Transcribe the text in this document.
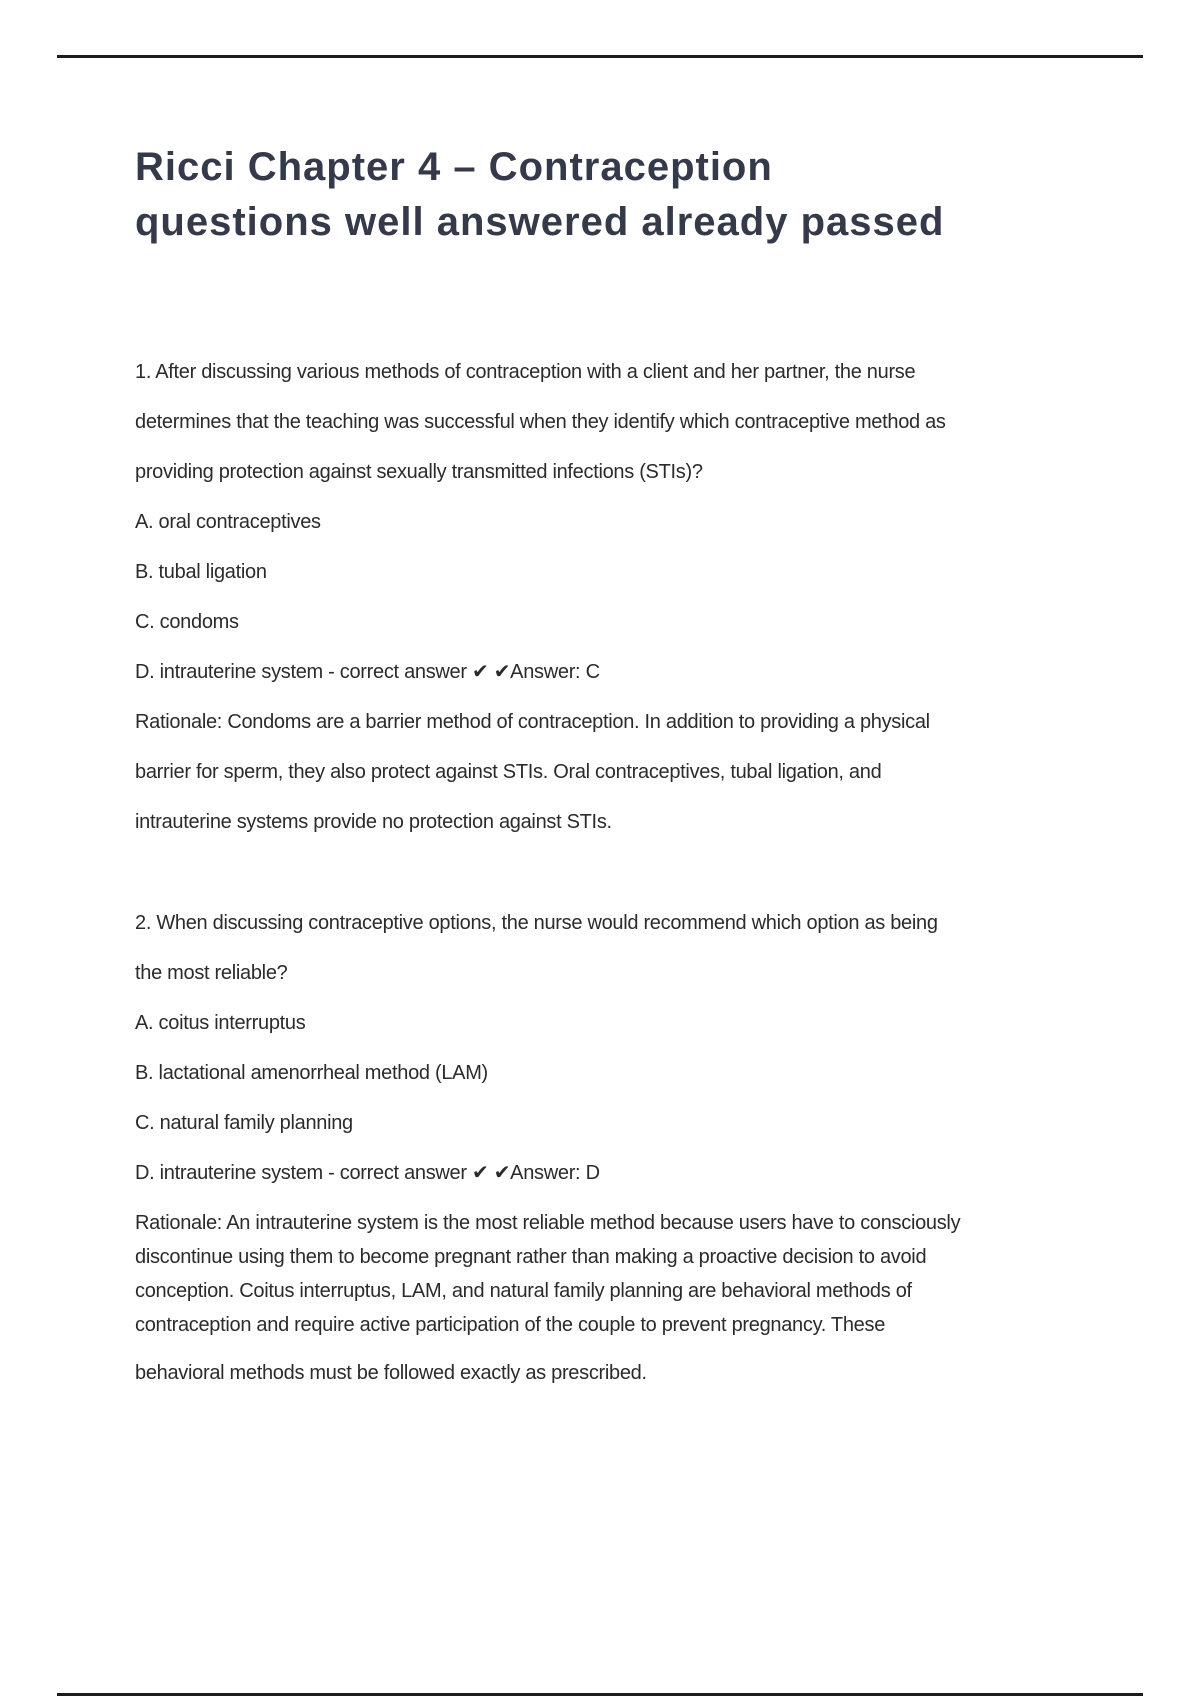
Ricci Chapter 4 – Contraception
questions well answered already passed
1. After discussing various methods of contraception with a client and her partner, the nurse
determines that the teaching was successful when they identify which contraceptive method as
providing protection against sexually transmitted infections (STIs)?
A. oral contraceptives
B. tubal ligation
C. condoms
D. intrauterine system - correct answer ✔ ✔Answer: C
Rationale: Condoms are a barrier method of contraception. In addition to providing a physical
barrier for sperm, they also protect against STIs. Oral contraceptives, tubal ligation, and
intrauterine systems provide no protection against STIs.
2. When discussing contraceptive options, the nurse would recommend which option as being
the most reliable?
A. coitus interruptus
B. lactational amenorrheal method (LAM)
C. natural family planning
D. intrauterine system - correct answer ✔ ✔Answer: D
Rationale: An intrauterine system is the most reliable method because users have to consciously
discontinue using them to become pregnant rather than making a proactive decision to avoid
conception. Coitus interruptus, LAM, and natural family planning are behavioral methods of
contraception and require active participation of the couple to prevent pregnancy. These
behavioral methods must be followed exactly as prescribed.
